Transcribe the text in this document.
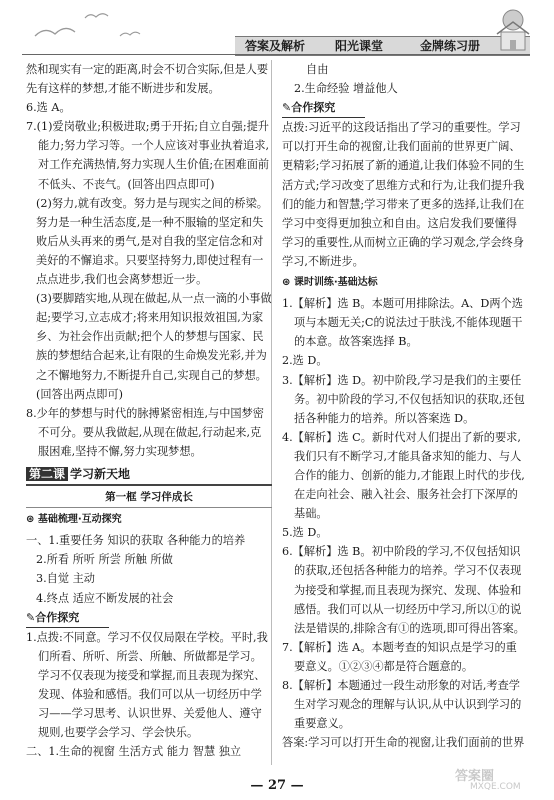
答案及解析 阳光课堂	金牌练习册

然和现实有一定的距离,时会不切合实际,但是人要先有这样的梦想,才能不断进步和发展。

6.选 A。

7.(1)爱岗敬业;积极进取;勇于开拓;自立自强;提升能力;努力学习等。一个人应该对事业执着追求,对工作充满热情,努力实现人生价值;在困难面前不低头、不丧气。(回答出四点即可)

(2)努力,就有改变。努力是与现实之间的桥梁。努力是一种生活态度,是一种不服输的坚定和失败后从头再来的勇气,是对自我的坚定信念和对美好的不懈追求。只要坚持努力,即使过程有一点点进步,我们也会离梦想近一步。

(3)要脚踏实地,从现在做起,从一点一滴的小事做起;要学习,立志成才;将来用知识报效祖国,为家乡、为社会作出贡献;把个人的梦想与国家、民族的梦想结合起来,让有限的生命焕发光彩,并为之不懈地努力,不断提升自己,实现自己的梦想。(回答出两点即可)

8.少年的梦想与时代的脉搏紧密相连,与中国梦密不可分。要从我做起,从现在做起,行动起来,克服困难,坚持不懈,努力实现梦想。

第二课 学习新天地
第一框 学习伴成长
⊛ 基础梳理·互动探究

一、1.重要任务 知识的获取 各种能力的培养

2.所看 所听 所尝 所触 所做

3.自觉 主动

4.终点 适应不断发展的社会

✎合作探究

1.点拨:不同意。学习不仅仅局限在学校。平时,我们所看、所听、所尝、所触、所做都是学习。学习不仅表现为接受和掌握,而且表现为探究、发现、体验和感悟。我们可以从一切经历中学习——学习思考、认识世界、关爱他人、遵守规则,也要学会学习、学会快乐。

二、1.生命的视窗 生活方式 能力 智慧 独立

自由

2.生命经验 增益他人

✎合作探究

点拨:习近平的这段话指出了学习的重要性。学习可以打开生命的视窗,让我们面前的世界更广阔、更精彩;学习拓展了新的通道,让我们体验不同的生活方式;学习改变了思维方式和行为,让我们提升我们的能力和智慧;学习带来了更多的选择,让我们在学习中变得更加独立和自由。这启发我们要懂得学习的重要性,从而树立正确的学习观念,学会终身学习,不断进步。

⊛ 课时训练·基础达标

1.【解析】选 B。本题可用排除法。A、D两个选项与本题无关;C的说法过于肤浅,不能体现题干的本意。故答案选择 B。

2.选 D。

3.【解析】选 D。初中阶段,学习是我们的主要任务。初中阶段的学习,不仅包括知识的获取,还包括各种能力的培养。所以答案选 D。

4.【解析】选 C。新时代对人们提出了新的要求,我们只有不断学习,才能具备求知的能力、与人合作的能力、创新的能力,才能跟上时代的步伐,在走向社会、融入社会、服务社会打下深厚的基础。

5.选 D。

6.【解析】选 B。初中阶段的学习,不仅包括知识的获取,还包括各种能力的培养。学习不仅表现为接受和掌握,而且表现为探究、发现、体验和感悟。我们可以从一切经历中学习,所以①的说法是错误的,排除含有①的选项,即可得出答案。

7.【解析】选 A。本题考查的知识点是学习的重要意义。①②③④都是符合题意的。

8.【解析】本题通过一段生动形象的对话,考查学生对学习观念的理解与认识,从中认识到学习的重要意义。

答案:学习可以打开生命的视窗,让我们面前的世界

— 27 —
答案圈
MXQE.COM
